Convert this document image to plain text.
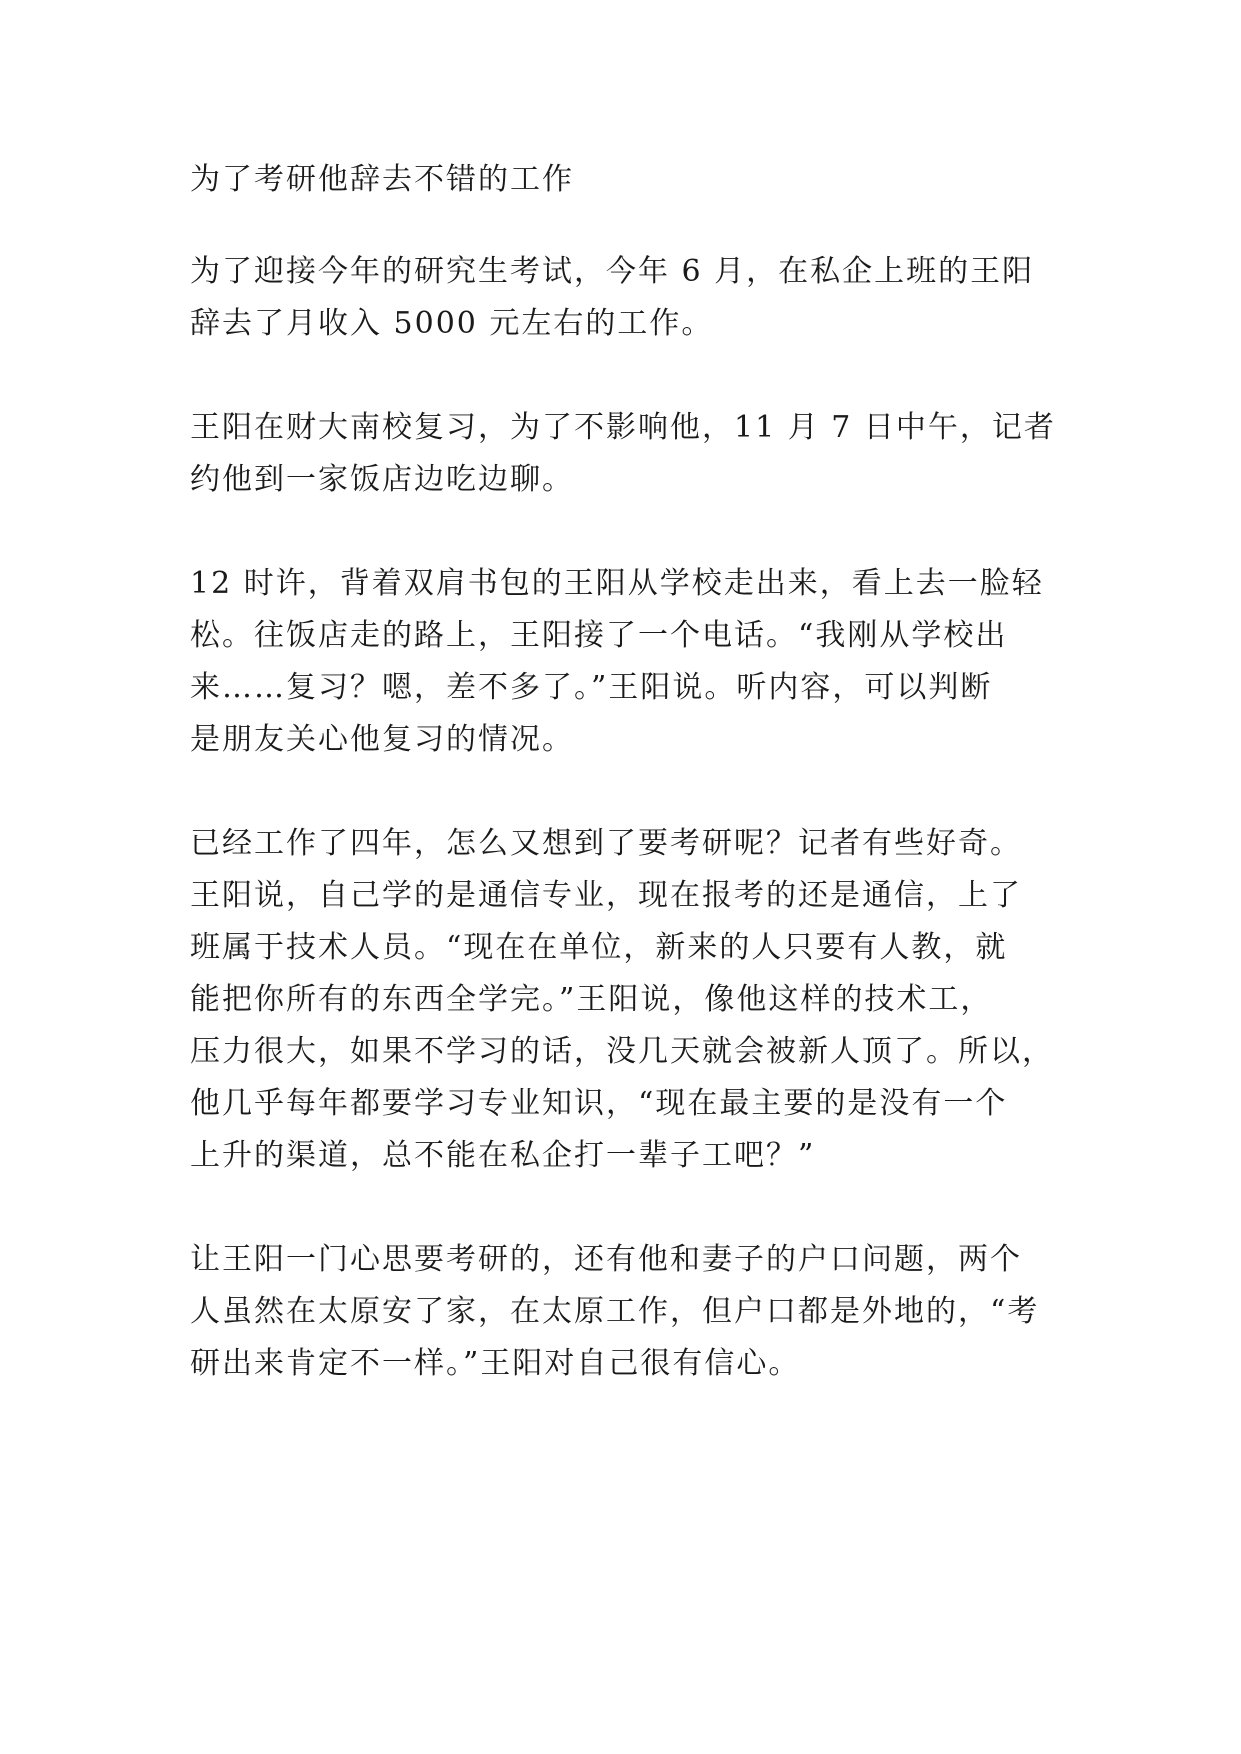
为了考研他辞去不错的工作
为了迎接今年的研究生考试，今年 6 月，在私企上班的王阳
辞去了月收入 5000 元左右的工作。
王阳在财大南校复习，为了不影响他，11 月 7 日中午，记者
约他到一家饭店边吃边聊。
12 时许，背着双肩书包的王阳从学校走出来，看上去一脸轻
松。往饭店走的路上，王阳接了一个电话。“我刚从学校出
来……复习？嗯，差不多了。”王阳说。听内容，可以判断
是朋友关心他复习的情况。
已经工作了四年，怎么又想到了要考研呢？记者有些好奇。
王阳说，自己学的是通信专业，现在报考的还是通信，上了
班属于技术人员。“现在在单位，新来的人只要有人教，就
能把你所有的东西全学完。”王阳说，像他这样的技术工，
压力很大，如果不学习的话，没几天就会被新人顶了。所以，
他几乎每年都要学习专业知识，“现在最主要的是没有一个
上升的渠道，总不能在私企打一辈子工吧？”
让王阳一门心思要考研的，还有他和妻子的户口问题，两个
人虽然在太原安了家，在太原工作，但户口都是外地的，“考
研出来肯定不一样。”王阳对自己很有信心。
